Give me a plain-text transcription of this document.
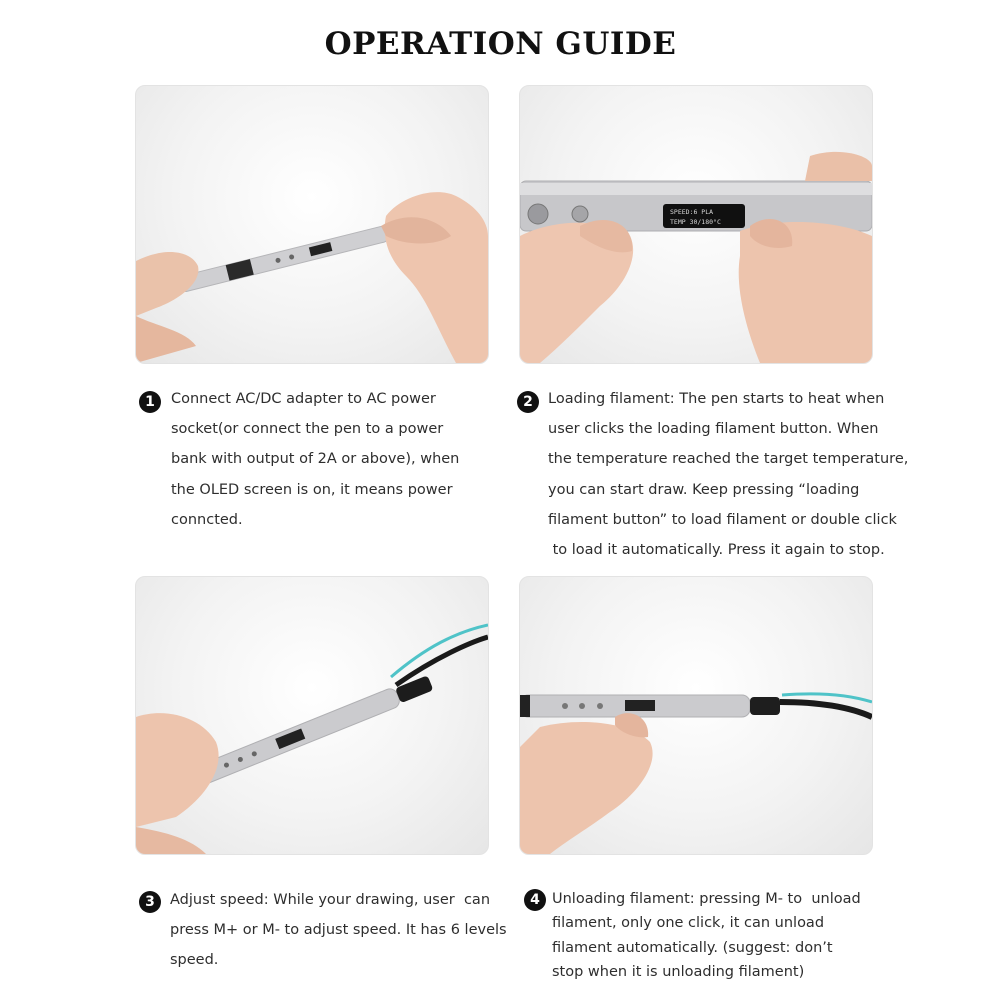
OPERATION GUIDE
SPEED:6 PLA
TEMP 30/180°C
1	Connect AC/DC adapter to AC power
socket(or connect the pen to a power
bank with output of 2A or above), when
the OLED screen is on, it means power
conncted.
2	Loading filament: The pen starts to heat when
user clicks the loading filament button. When
the temperature reached the target temperature,
you can start draw. Keep pressing “loading
filament button” to load filament or double click
to load it automatically. Press it again to stop.
3	Adjust speed: While your drawing, user  can
press M+ or M- to adjust speed. It has 6 levels
speed.
4 Unloading filament: pressing M- to  unload
filament, only one click, it can unload
filament automatically. (suggest: don’t
stop when it is unloading filament)
